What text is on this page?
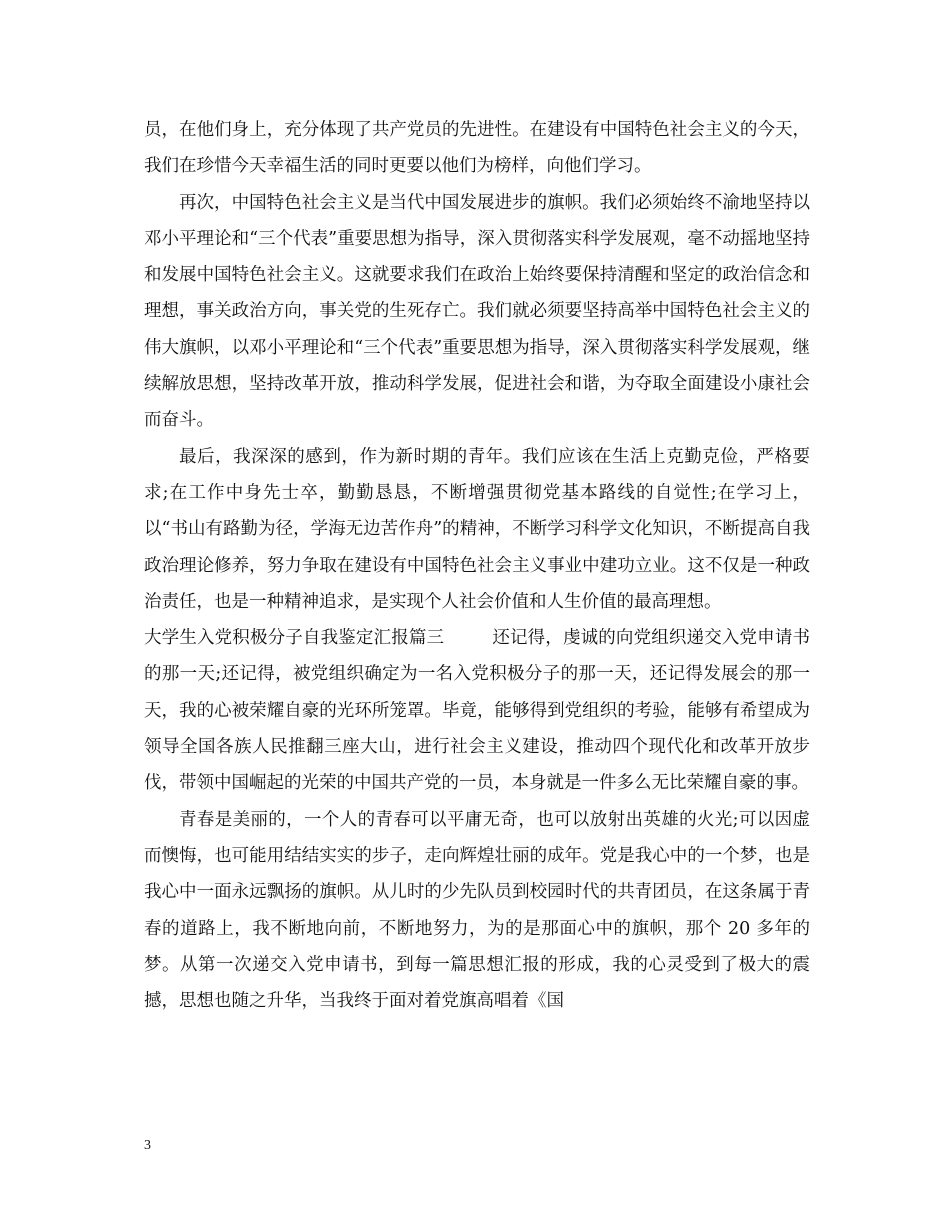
员，在他们身上，充分体现了共产党员的先进性。在建设有中国特色社会主义的今天，我们在珍惜今天幸福生活的同时更要以他们为榜样，向他们学习。

再次，中国特色社会主义是当代中国发展进步的旗帜。我们必须始终不渝地坚持以邓小平理论和“三个代表”重要思想为指导，深入贯彻落实科学发展观，毫不动摇地坚持和发展中国特色社会主义。这就要求我们在政治上始终要保持清醒和坚定的政治信念和理想，事关政治方向，事关党的生死存亡。我们就必须要坚持高举中国特色社会主义的伟大旗帜，以邓小平理论和“三个代表”重要思想为指导，深入贯彻落实科学发展观，继续解放思想，坚持改革开放，推动科学发展，促进社会和谐，为夺取全面建设小康社会而奋斗。

最后，我深深的感到，作为新时期的青年。我们应该在生活上克勤克俭，严格要求;在工作中身先士卒，勤勤恳恳，不断增强贯彻党基本路线的自觉性;在学习上，以“书山有路勤为径，学海无边苦作舟”的精神，不断学习科学文化知识，不断提高自我政治理论修养，努力争取在建设有中国特色社会主义事业中建功立业。这不仅是一种政治责任，也是一种精神追求，是实现个人社会价值和人生价值的最高理想。

大学生入党积极分子自我鉴定汇报篇三	还记得，虔诚的向党组织递交入党申请书的那一天;还记得，被党组织确定为一名入党积极分子的那一天，还记得发展会的那一天，我的心被荣耀自豪的光环所笼罩。毕竟，能够得到党组织的考验，能够有希望成为领导全国各族人民推翻三座大山，进行社会主义建设，推动四个现代化和改革开放步伐，带领中国崛起的光荣的中国共产党的一员，本身就是一件多么无比荣耀自豪的事。

青春是美丽的，一个人的青春可以平庸无奇，也可以放射出英雄的火光;可以因虚而懊悔，也可能用结结实实的步子，走向辉煌壮丽的成年。党是我心中的一个梦，也是我心中一面永远飘扬的旗帜。从儿时的少先队员到校园时代的共青团员，在这条属于青春的道路上，我不断地向前，不断地努力，为的是那面心中的旗帜，那个 20 多年的梦。从第一次递交入党申请书，到每一篇思想汇报的形成，我的心灵受到了极大的震撼，思想也随之升华，当我终于面对着党旗高唱着《国

3
